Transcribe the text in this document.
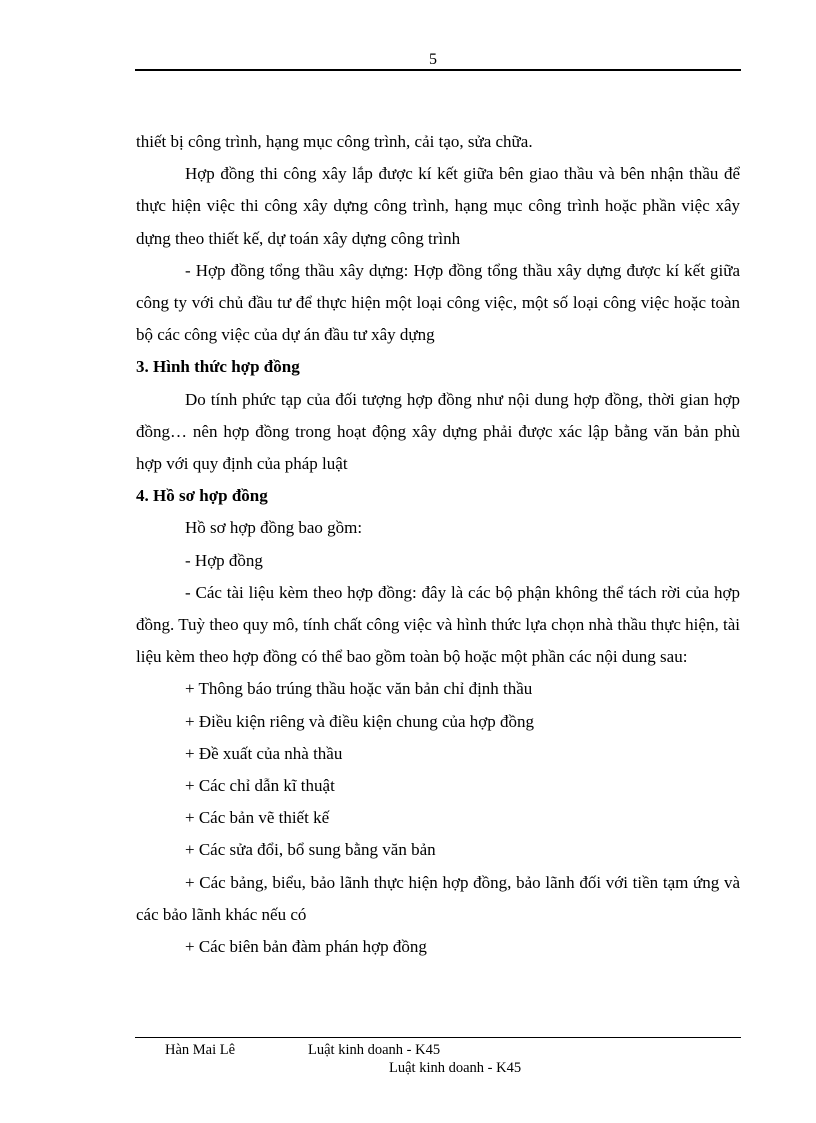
5

thiết bị công trình, hạng mục công trình, cải tạo, sửa chữa.

Hợp đồng thi công xây lắp được kí kết giữa bên giao thầu và bên nhận thầu để thực hiện việc thi công xây dựng công trình, hạng mục công trình hoặc phần việc xây dựng theo thiết kế, dự toán xây dựng công trình

- Hợp đồng tổng thầu xây dựng: Hợp đồng tổng thầu xây dựng được kí kết giữa công ty với chủ đầu tư để thực hiện một loại công việc, một số loại công việc hoặc toàn bộ các công việc của dự án đầu tư xây dựng

3. Hình thức hợp đồng

Do tính phức tạp của đối tượng hợp đồng như nội dung hợp đồng, thời gian hợp đồng… nên hợp đồng trong hoạt động xây dựng phải được xác lập bằng văn bản phù hợp với quy định của pháp luật

4. Hồ sơ hợp đồng

Hồ sơ hợp đồng bao gồm:

- Hợp đồng

- Các tài liệu kèm theo hợp đồng: đây là các bộ phận không thể tách rời của hợp đồng. Tuỳ theo quy mô, tính chất công việc và hình thức lựa chọn nhà thầu thực hiện, tài liệu kèm theo hợp đồng có thể bao gồm toàn bộ hoặc một phần các nội dung sau:

+ Thông báo trúng thầu hoặc văn bản chỉ định thầu

+ Điều kiện riêng và điều kiện chung của hợp đồng

+ Đề xuất của nhà thầu

+ Các chỉ dẫn kĩ thuật

+ Các bản vẽ thiết kế

+ Các sửa đổi, bổ sung bằng văn bản

+ Các bảng, biểu, bảo lãnh thực hiện hợp đồng, bảo lãnh đối với tiền tạm ứng và các bảo lãnh khác nếu có

+ Các biên bản đàm phán hợp đồng

Hàn Mai Lê	Luật kinh doanh - K45
Luật kinh doanh - K45
